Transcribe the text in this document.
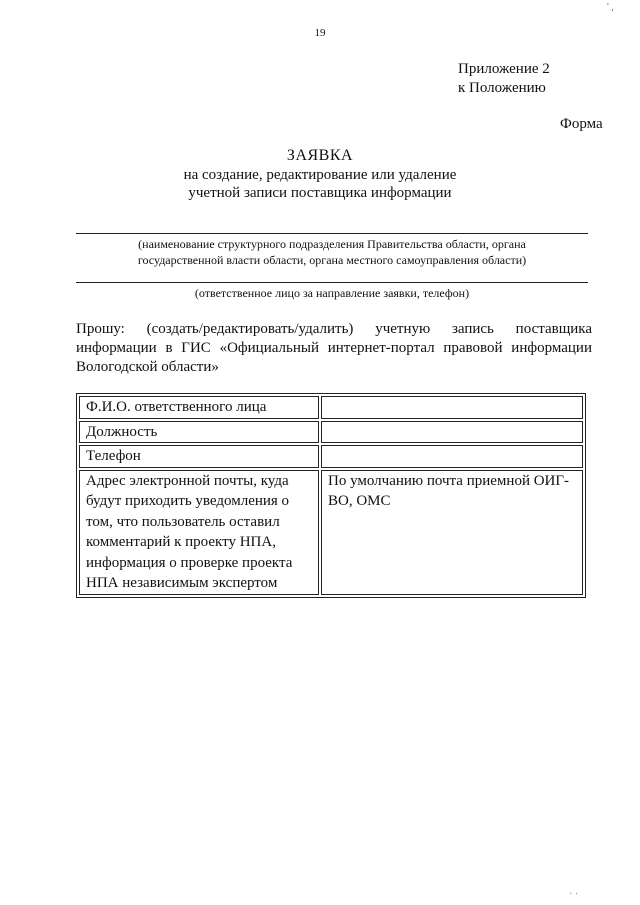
' ,
19
Приложение 2
к Положению
Форма
ЗАЯВКА
на создание, редактирование или удаление
учетной записи поставщика информации
(наименование структурного подразделения Правительства области, органа государственной власти области, органа местного самоуправления области)
(ответственное лицо за направление заявки, телефон)
Прошу: (создать/редактировать/удалить) учетную запись поставщика информации в ГИС «Официальный интернет-портал правовой информации Вологодской области»
Ф.И.О. ответственного лица	
Должность	
Телефон	
Адрес электронной почты, куда будут приходить уведомления о том, что пользователь оставил комментарий к проекту НПА, информация о проверке проекта НПА независимым экспертом	По умолчанию почта приемной ОИГ-ВО, ОМС
· ·
